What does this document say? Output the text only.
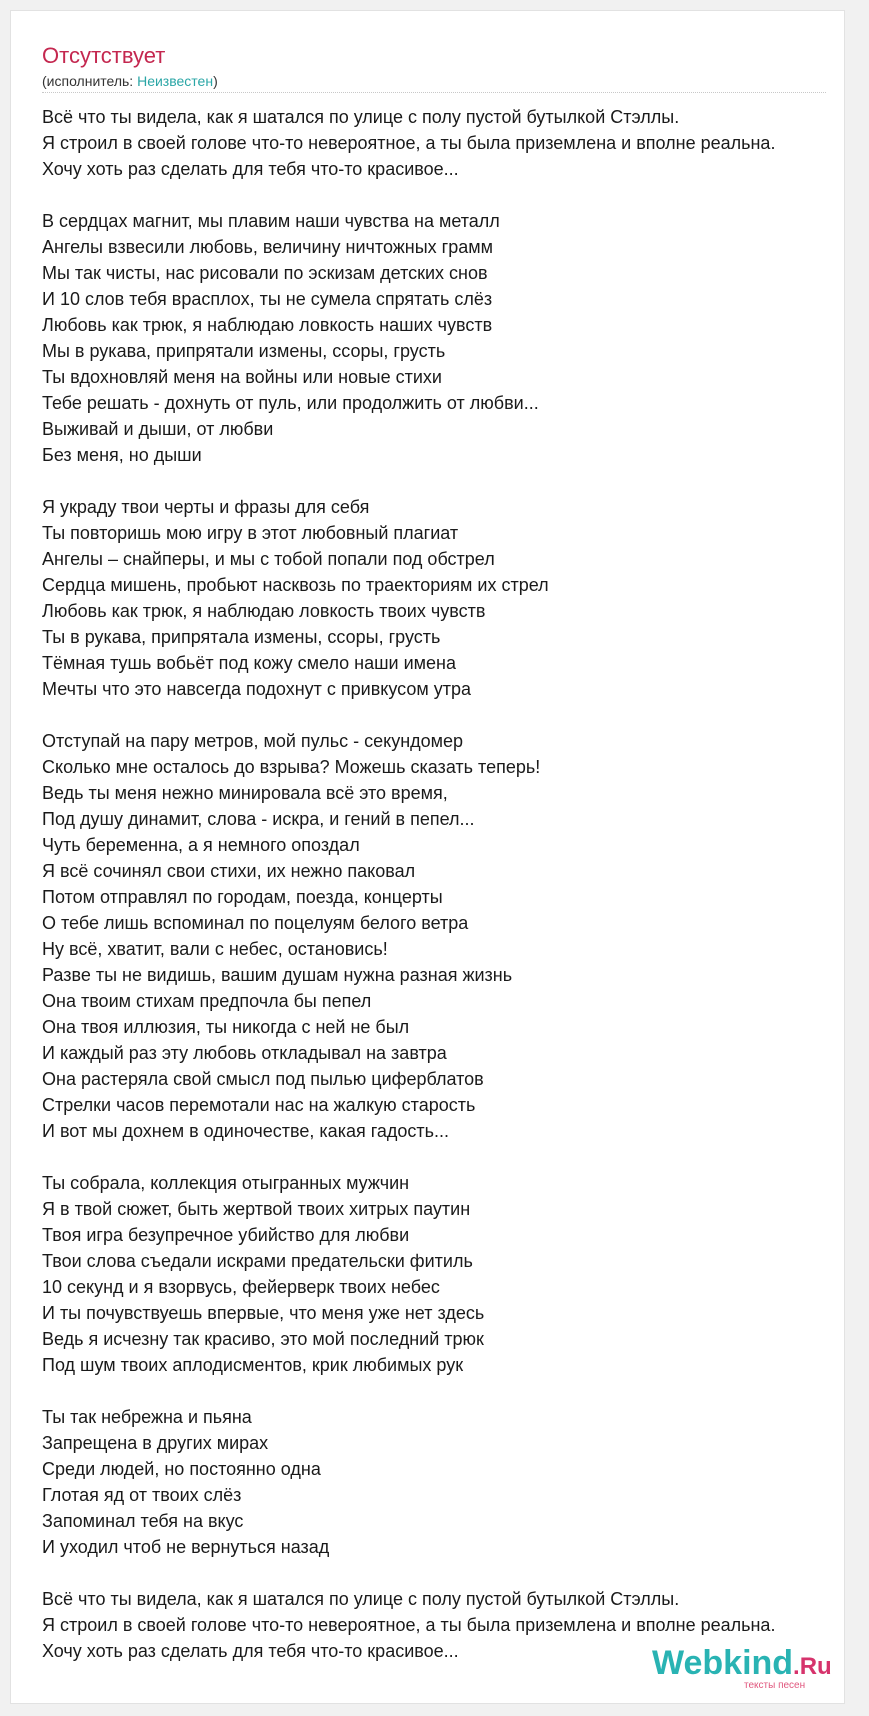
Отсутствует
(исполнитель: Неизвестен)
Всё что ты видела, как я шатался по улице с полу пустой бутылкой Стэллы.
Я строил в своей голове что-то невероятное, а ты была приземлена и вполне реальна.
Хочу хоть раз сделать для тебя что-то красивое...
В сердцах магнит, мы плавим наши чувства на металл
Ангелы взвесили любовь, величину ничтожных грамм
Мы так чисты, нас рисовали по эскизам детских снов
И 10 слов тебя врасплох, ты не сумела спрятать слёз
Любовь как трюк, я наблюдаю ловкость наших чувств
Мы в рукава, припрятали измены, ссоры, грусть
Ты вдохновляй меня на войны или новые стихи
Тебе решать - дохнуть от пуль, или продолжить от любви...
Выживай и дыши, от любви
Без меня, но дыши
Я украду твои черты и фразы для себя
Ты повторишь мою игру в этот любовный плагиат
Ангелы – снайперы, и мы с тобой попали под обстрел
Сердца мишень, пробьют насквозь по траекториям их стрел
Любовь как трюк, я наблюдаю ловкость твоих чувств
Ты в рукава, припрятала измены, ссоры, грусть
Тёмная тушь вобьёт под кожу смело наши имена
Мечты что это навсегда подохнут с привкусом утра
Отступай на пару метров, мой пульс - секундомер
Сколько мне осталось до взрыва? Можешь сказать теперь!
Ведь ты меня нежно минировала всё это время,
Под душу динамит, слова - искра, и гений в пепел...
Чуть беременна, а я немного опоздал
Я всё сочинял свои стихи, их нежно паковал
Потом отправлял по городам, поезда, концерты
О тебе лишь вспоминал по поцелуям белого ветра
Ну всё, хватит, вали с небес, остановись!
Разве ты не видишь, вашим душам нужна разная жизнь
Она твоим стихам предпочла бы пепел
Она твоя иллюзия, ты никогда с ней не был
И каждый раз эту любовь откладывал на завтра
Она растеряла свой смысл под пылью циферблатов
Стрелки часов перемотали нас на жалкую старость
И вот мы дохнем в одиночестве, какая гадость...
Ты собрала, коллекция отыгранных мужчин
Я в твой сюжет, быть жертвой твоих хитрых паутин
Твоя игра безупречное убийство для любви
Твои слова съедали искрами предательски фитиль
10 секунд и я взорвусь, фейерверк твоих небес
И ты почувствуешь впервые, что меня уже нет здесь
Ведь я исчезну так красиво, это мой последний трюк
Под шум твоих аплодисментов, крик любимых рук
Ты так небрежна и пьяна
Запрещена в других мирах
Среди людей, но постоянно одна
Глотая яд от твоих слёз
Запоминал тебя на вкус
И уходил чтоб не вернуться назад
Всё что ты видела, как я шатался по улице с полу пустой бутылкой Стэллы.
Я строил в своей голове что-то невероятное, а ты была приземлена и вполне реальна.
Хочу хоть раз сделать для тебя что-то красивое...	Webkind.Ru
тексты песен
